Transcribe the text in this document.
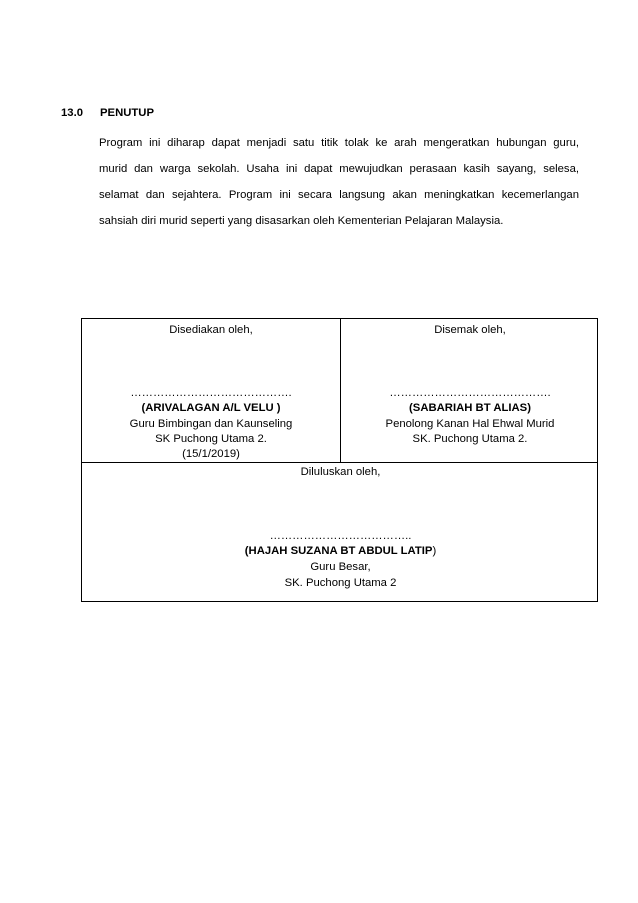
13.0 PENUTUP
Program ini diharap dapat menjadi satu titik tolak ke arah mengeratkan hubungan guru,
murid dan warga sekolah. Usaha ini dapat mewujudkan perasaan kasih sayang, selesa,
selamat dan sejahtera. Program ini secara langsung akan meningkatkan kecemerlangan
sahsiah diri murid seperti yang disasarkan oleh Kementerian Pelajaran Malaysia.
Disediakan oleh,
…………………………………….
(ARIVALAGAN A/L VELU )
Guru Bimbingan dan Kaunseling
SK Puchong Utama 2.
(15/1/2019)
Disemak oleh,
…………………………………….
(SABARIAH BT ALIAS)
Penolong Kanan Hal Ehwal Murid
SK. Puchong Utama 2.
Diluluskan oleh,
………………………………..
(HAJAH SUZANA BT ABDUL LATIP)
Guru Besar,
SK. Puchong Utama 2
